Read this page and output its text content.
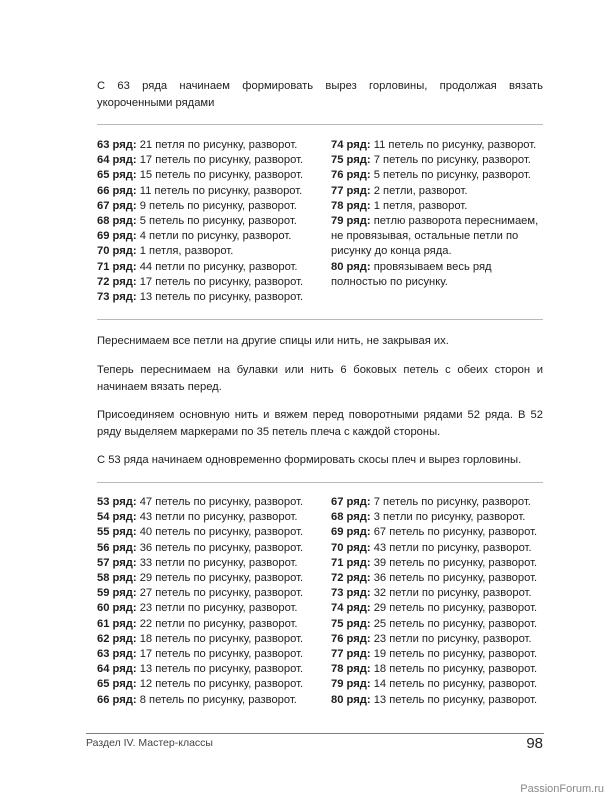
С 63 ряда начинаем формировать вырез горловины, продолжая вязать укороченными рядами
63 ряд: 21 петля по рисунку, разворот.
64 ряд: 17 петель по рисунку, разворот.
65 ряд: 15 петель по рисунку, разворот.
66 ряд: 11 петель по рисунку, разворот.
67 ряд: 9 петель по рисунку, разворот.
68 ряд: 5 петель по рисунку, разворот.
69 ряд: 4 петли по рисунку, разворот.
70 ряд: 1 петля, разворот.
71 ряд: 44 петли по рисунку, разворот.
72 ряд: 17 петель по рисунку, разворот.
73 ряд: 13 петель по рисунку, разворот.
74 ряд: 11 петель по рисунку, разворот.
75 ряд: 7 петель по рисунку, разворот.
76 ряд: 5 петель по рисунку, разворот.
77 ряд: 2 петли, разворот.
78 ряд: 1 петля, разворот.
79 ряд: петлю разворота переснимаем, не провязывая, остальные петли по рисунку до конца ряда.
80 ряд: провязываем весь ряд полностью по рисунку.
Переснимаем все петли на другие спицы или нить, не закрывая их.
Теперь переснимаем на булавки или нить 6 боковых петель с обеих сторон и начинаем вязать перед.
Присоединяем основную нить и вяжем перед поворотными рядами 52 ряда. В 52 ряду выделяем маркерами по 35 петель плеча с каждой стороны.
С 53 ряда начинаем одновременно формировать скосы плеч и вырез горловины.
53 ряд: 47 петель по рисунку, разворот.
54 ряд: 43 петли по рисунку, разворот.
55 ряд: 40 петель по рисунку, разворот.
56 ряд: 36 петель по рисунку, разворот.
57 ряд: 33 петли по рисунку, разворот.
58 ряд: 29 петель по рисунку, разворот.
59 ряд: 27 петель по рисунку, разворот.
60 ряд: 23 петли по рисунку, разворот.
61 ряд: 22 петли по рисунку, разворот.
62 ряд: 18 петель по рисунку, разворот.
63 ряд: 17 петель по рисунку, разворот.
64 ряд: 13 петель по рисунку, разворот.
65 ряд: 12 петель по рисунку, разворот.
66 ряд: 8 петель по рисунку, разворот.
67 ряд: 7 петель по рисунку, разворот.
68 ряд: 3 петли по рисунку, разворот.
69 ряд: 67 петель по рисунку, разворот.
70 ряд: 43 петли по рисунку, разворот.
71 ряд: 39 петель по рисунку, разворот.
72 ряд: 36 петель по рисунку, разворот.
73 ряд: 32 петли по рисунку, разворот.
74 ряд: 29 петель по рисунку, разворот.
75 ряд: 25 петель по рисунку, разворот.
76 ряд: 23 петли по рисунку, разворот.
77 ряд: 19 петель по рисунку, разворот.
78 ряд: 18 петель по рисунку, разворот.
79 ряд: 14 петель по рисунку, разворот.
80 ряд: 13 петель по рисунку, разворот.
Раздел IV. Мастер-классы	98
PassionForum.ru
